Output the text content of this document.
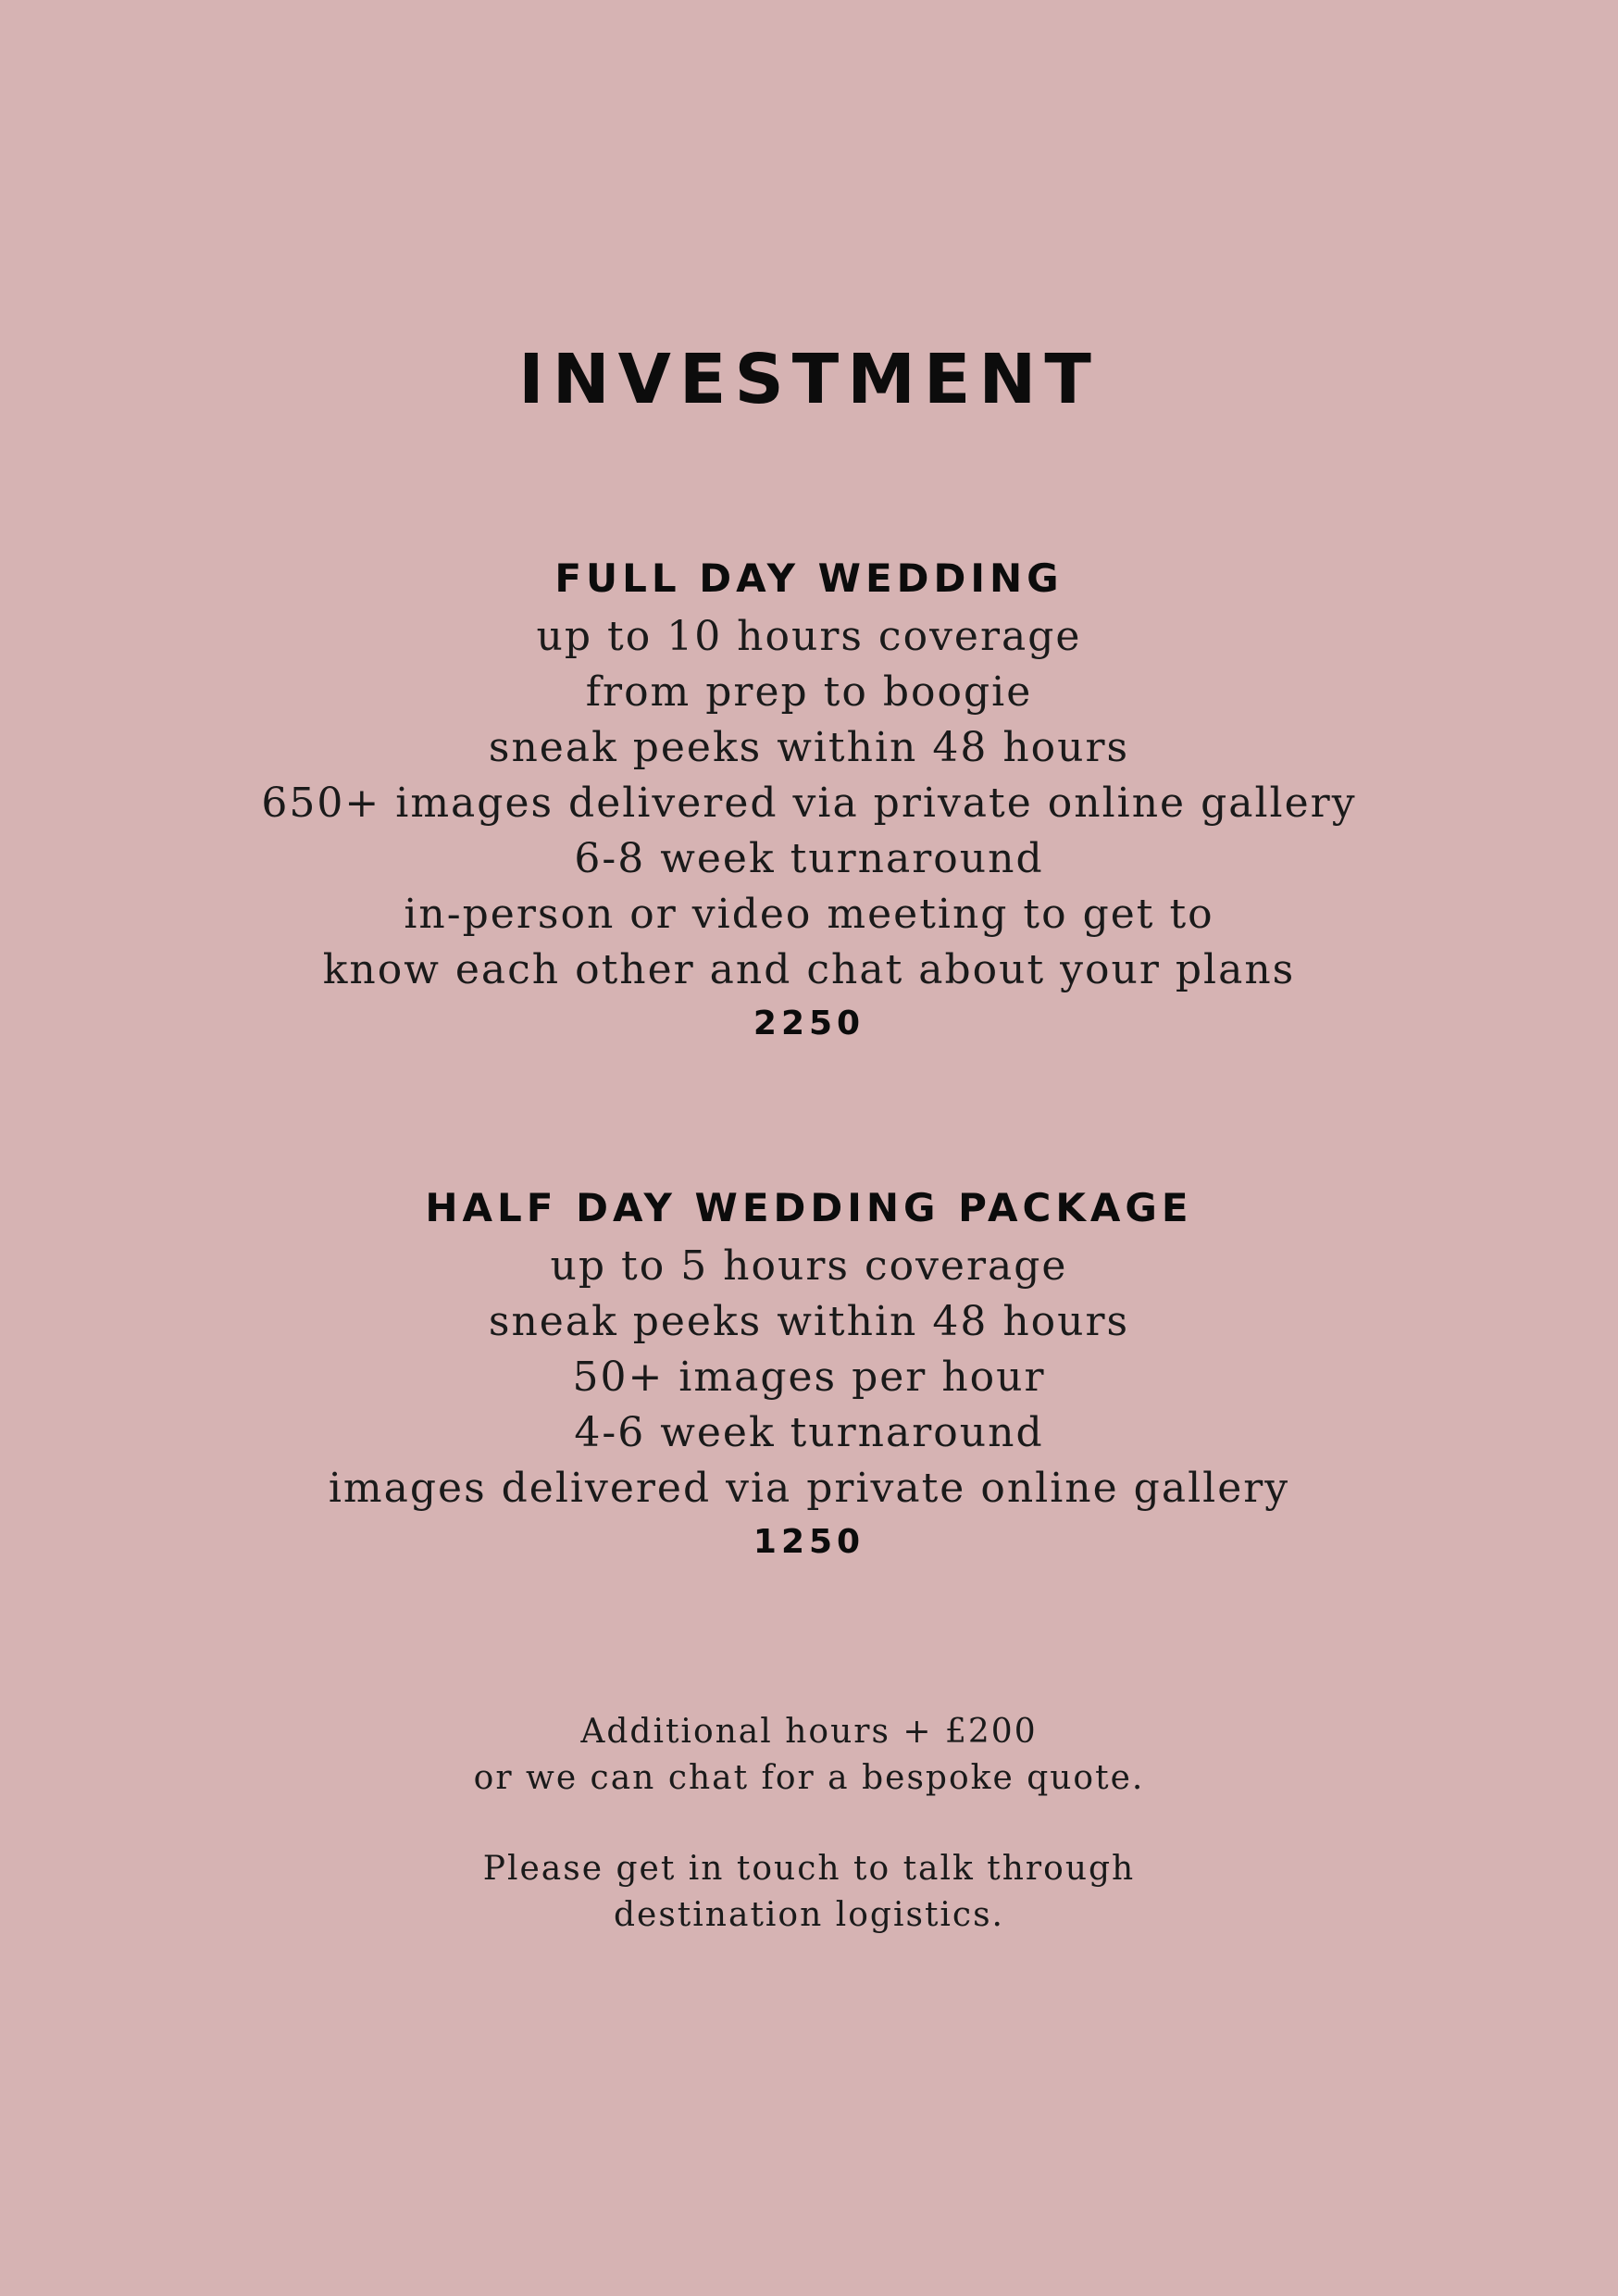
INVESTMENT
FULL DAY WEDDING
up to 10 hours coverage
from prep to boogie
sneak peeks within 48 hours
650+ images delivered via private online gallery
6-8 week turnaround
in-person or video meeting to get to
know each other and chat about your plans
2250
HALF DAY WEDDING PACKAGE
up to 5 hours coverage
sneak peeks within 48 hours
50+ images per hour
4-6 week turnaround
images delivered via private online gallery
1250

Additional hours + £200

or we can chat for a bespoke quote.

Please get in touch to talk through

destination logistics.
